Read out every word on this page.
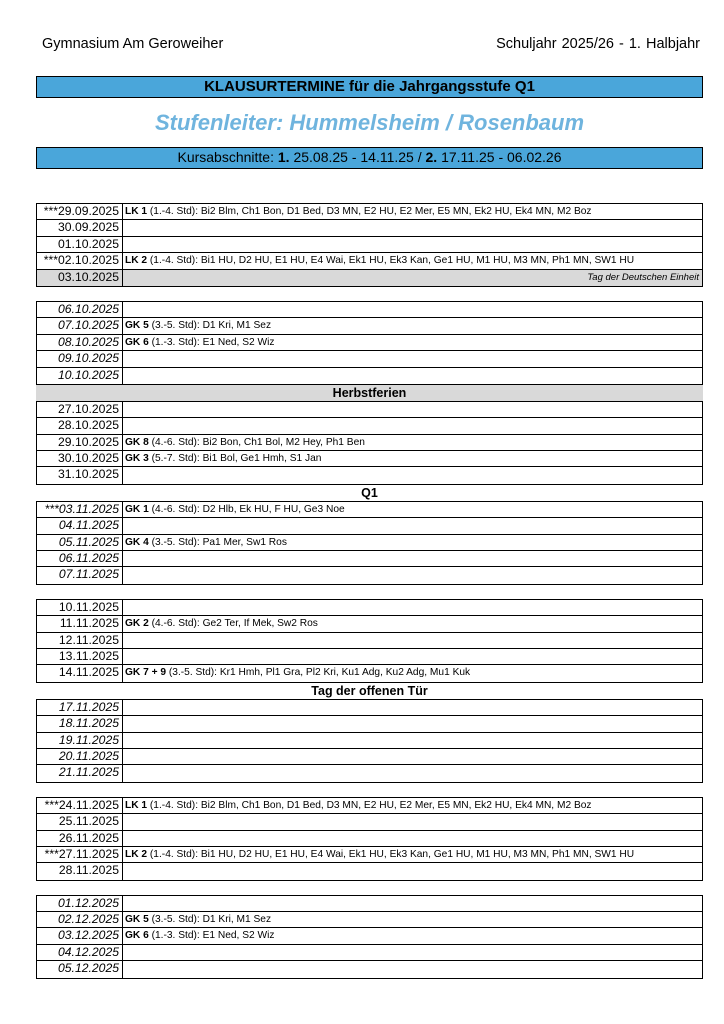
Gymnasium Am Geroweiher	Schuljahr 2025/26 - 1. Halbjahr
KLAUSURTERMINE für die Jahrgangsstufe Q1
Stufenleiter: Hummelsheim / Rosenbaum
Kursabschnitte: 1. 25.08.25 - 14.11.25 / 2. 17.11.25 - 06.02.26
***29.09.2025 LK 1 (1.-4. Std): Bi2 Blm, Ch1 Bon, D1 Bed, D3 MN, E2 HU, E2 Mer, E5 MN, Ek2 HU, Ek4 MN, M2 Boz
30.09.2025
01.10.2025
***02.10.2025 LK 2 (1.-4. Std): Bi1 HU, D2 HU, E1 HU, E4 Wai, Ek1 HU, Ek3 Kan, Ge1 HU, M1 HU, M3 MN, Ph1 MN, SW1 HU
03.10.2025	Tag der Deutschen Einheit
06.10.2025
07.10.2025 GK 5 (3.-5. Std): D1 Kri, M1 Sez
08.10.2025 GK 6 (1.-3. Std): E1 Ned, S2 Wiz
09.10.2025
10.10.2025
Herbstferien
27.10.2025
28.10.2025
29.10.2025 GK 8 (4.-6. Std): Bi2 Bon, Ch1 Bol, M2 Hey, Ph1 Ben
30.10.2025 GK 3 (5.-7. Std): Bi1 Bol, Ge1 Hmh, S1 Jan
31.10.2025
Q1
***03.11.2025 GK 1 (4.-6. Std): D2 Hlb, Ek HU, F HU, Ge3 Noe
04.11.2025
05.11.2025 GK 4 (3.-5. Std): Pa1 Mer, Sw1 Ros
06.11.2025
07.11.2025
10.11.2025
11.11.2025 GK 2 (4.-6. Std): Ge2 Ter, If Mek, Sw2 Ros
12.11.2025
13.11.2025
14.11.2025 GK 7 + 9 (3.-5. Std): Kr1 Hmh, Pl1 Gra, Pl2 Kri, Ku1 Adg, Ku2 Adg, Mu1 Kuk
Tag der offenen Tür
17.11.2025
18.11.2025
19.11.2025
20.11.2025
21.11.2025
***24.11.2025 LK 1 (1.-4. Std): Bi2 Blm, Ch1 Bon, D1 Bed, D3 MN, E2 HU, E2 Mer, E5 MN, Ek2 HU, Ek4 MN, M2 Boz
25.11.2025
26.11.2025
***27.11.2025 LK 2 (1.-4. Std): Bi1 HU, D2 HU, E1 HU, E4 Wai, Ek1 HU, Ek3 Kan, Ge1 HU, M1 HU, M3 MN, Ph1 MN, SW1 HU
28.11.2025
01.12.2025
02.12.2025 GK 5 (3.-5. Std): D1 Kri, M1 Sez
03.12.2025 GK 6 (1.-3. Std): E1 Ned, S2 Wiz
04.12.2025
05.12.2025
